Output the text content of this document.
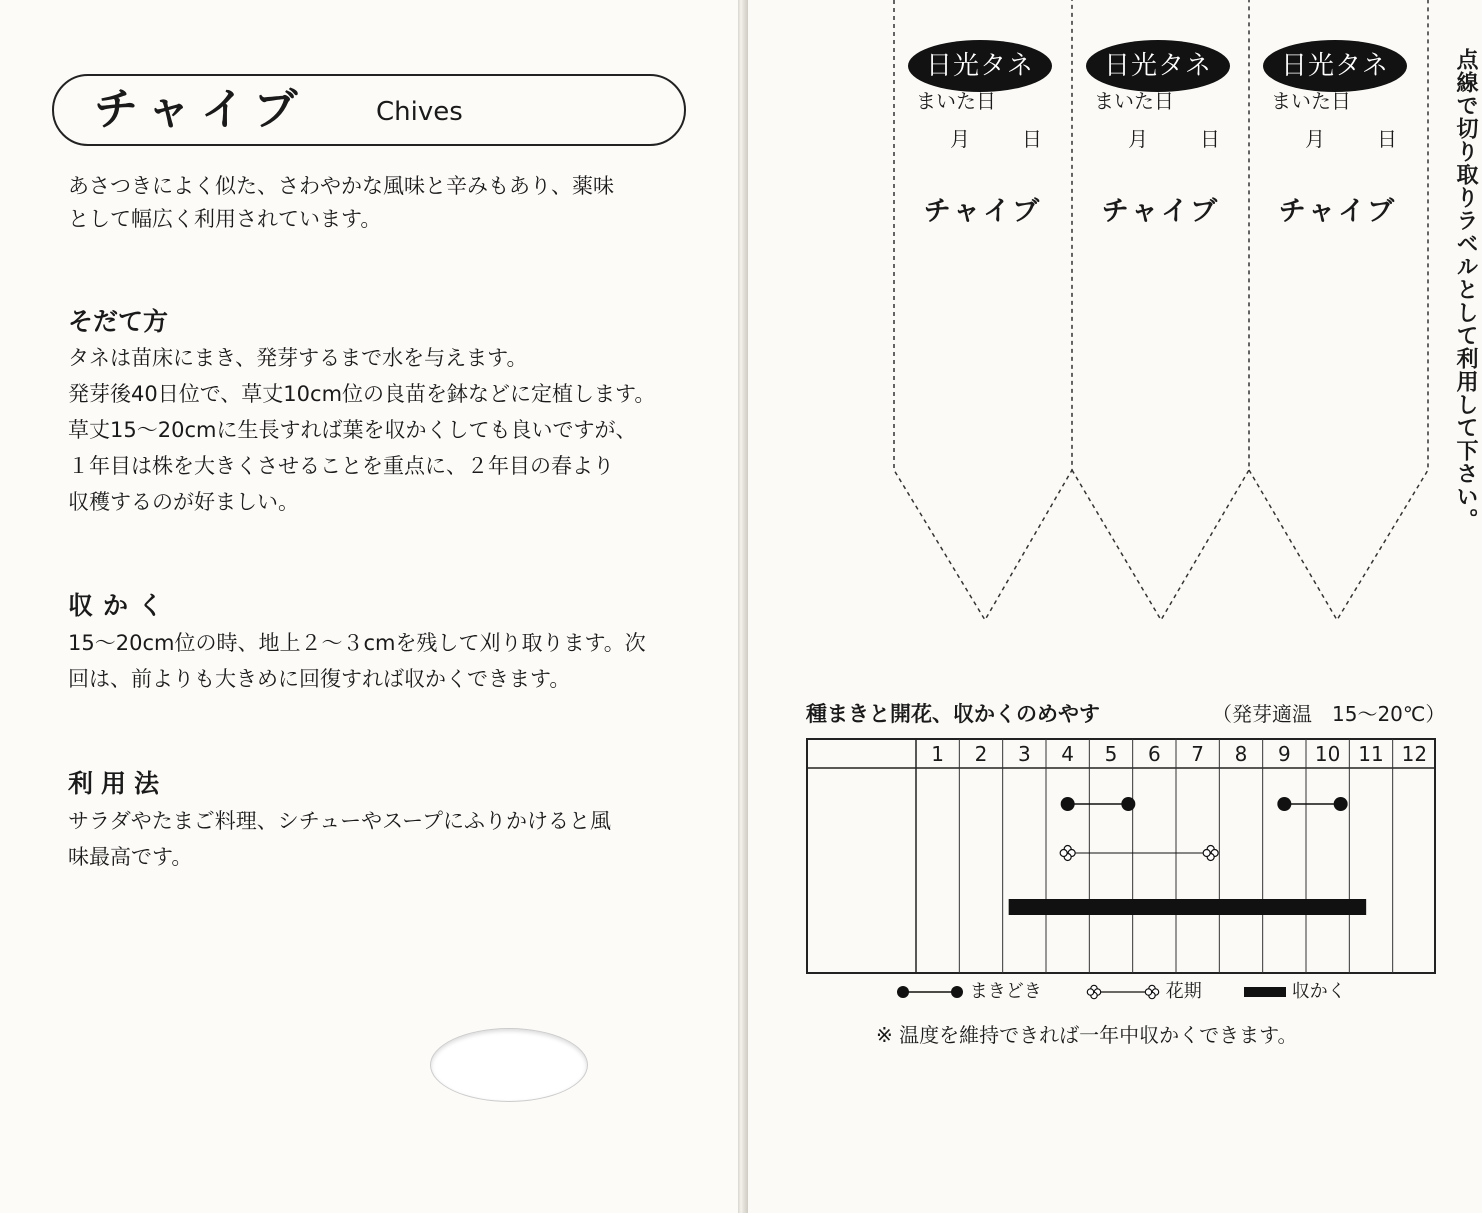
チャイブ	Chives

あさつきによく似た、さわやかな風味と辛みもあり、薬味

として幅広く利用されています。

そだて方

タネは苗床にまき、発芽するまで水を与えます。

発芽後40日位で、草丈10cm位の良苗を鉢などに定植します。

草丈15～20cmに生長すれば葉を収かくしても良いですが、

１年目は株を大きくさせることを重点に、２年目の春より

収穫するのが好ましい。

収かく

15～20cm位の時、地上２～３cmを残して刈り取ります。次

回は、前よりも大きめに回復すれば収かくできます。

利用法

サラダやたまご料理、シチューやスープにふりかけると風

味最高です。

日光タネ
まいた日
月	日
チャイブ
日光タネ
まいた日
月	日
チャイブ
日光タネ
まいた日
月	日
チャイブ	点線で切り取りラベルとして利用して下さい。
種まきと開花、収かくのめやす	（発芽適温　15～20℃）
1	2	3	4	5	6	7	8	9	10 11 12
まきどき	花期	収かく
※ 温度を維持できれば一年中収かくできます。
